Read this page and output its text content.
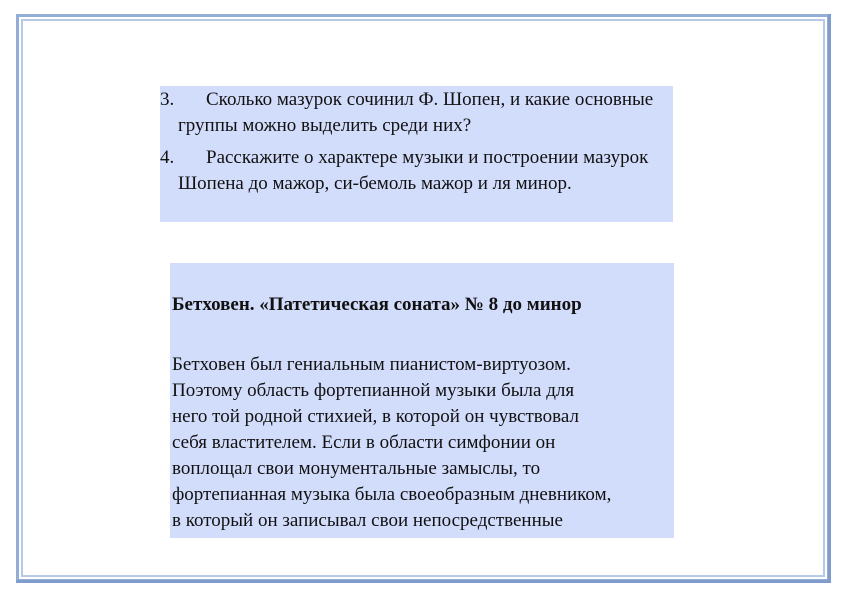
3.	Сколько мазурок сочинил Ф. Шопен, и какие основные группы можно выделить среди них?
4.	Расскажите о характере музыки и построении мазурок Шопена до мажор, си-бемоль мажор и ля минор.
Бетховен. «Патетическая соната» № 8 до минор
Бетховен был гениальным пианистом-виртуозом.
Поэтому область фортепианной музыки была для
него той родной стихией, в которой он чувствовал
себя властителем. Если в области симфонии он
воплощал свои монументальные замыслы, то
фортепианная музыка была своеобразным дневником,
в который он записывал свои непосредственные
